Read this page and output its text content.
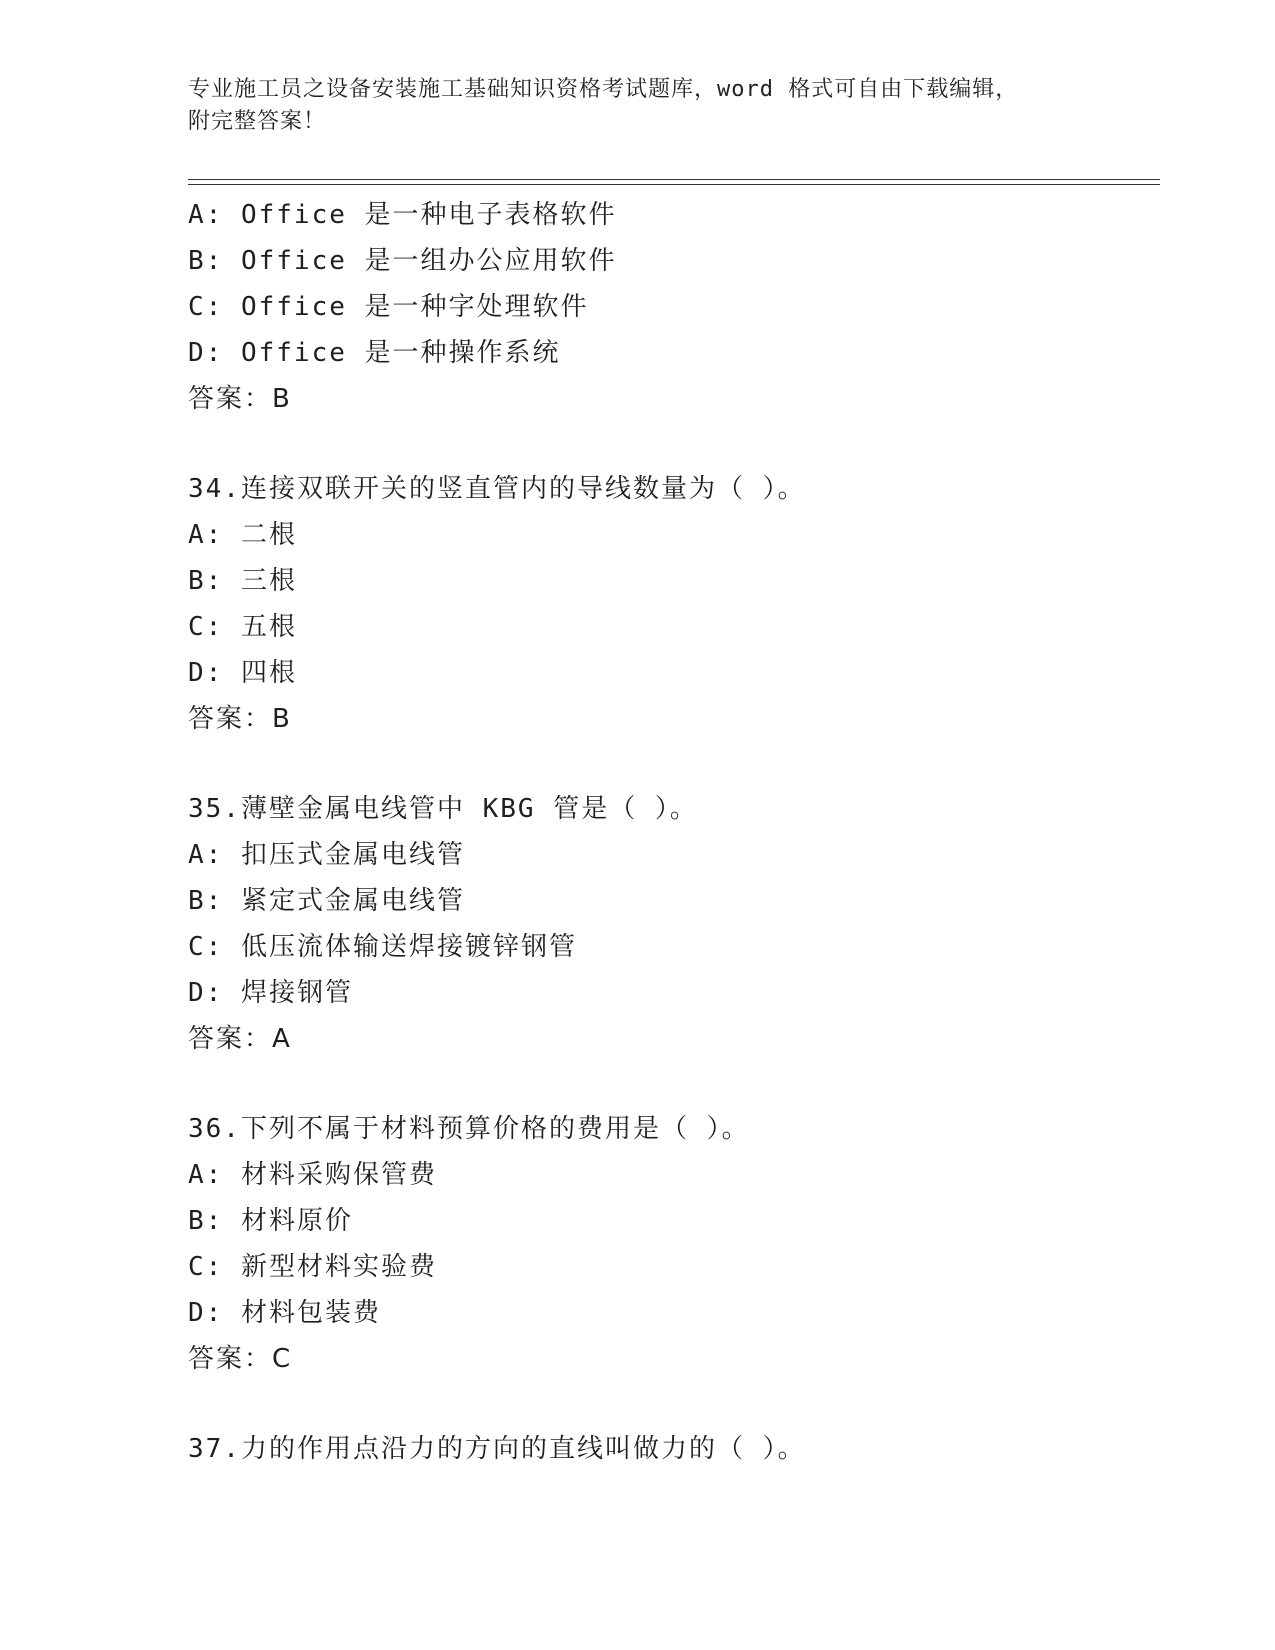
专业施工员之设备安装施工基础知识资格考试题库，word 格式可自由下载编辑，
附完整答案！
A: Office 是一种电子表格软件
B: Office 是一组办公应用软件
C: Office 是一种字处理软件
D: Office 是一种操作系统
答案：B
34.连接双联开关的竖直管内的导线数量为（ ）。
A: 二根
B: 三根
C: 五根
D: 四根
答案：B
35.薄壁金属电线管中 KBG 管是（ ）。
A: 扣压式金属电线管
B: 紧定式金属电线管
C: 低压流体输送焊接镀锌钢管
D: 焊接钢管
答案：A
36.下列不属于材料预算价格的费用是（ ）。
A: 材料采购保管费
B: 材料原价
C: 新型材料实验费
D: 材料包装费
答案：C
37.力的作用点沿力的方向的直线叫做力的（ ）。
